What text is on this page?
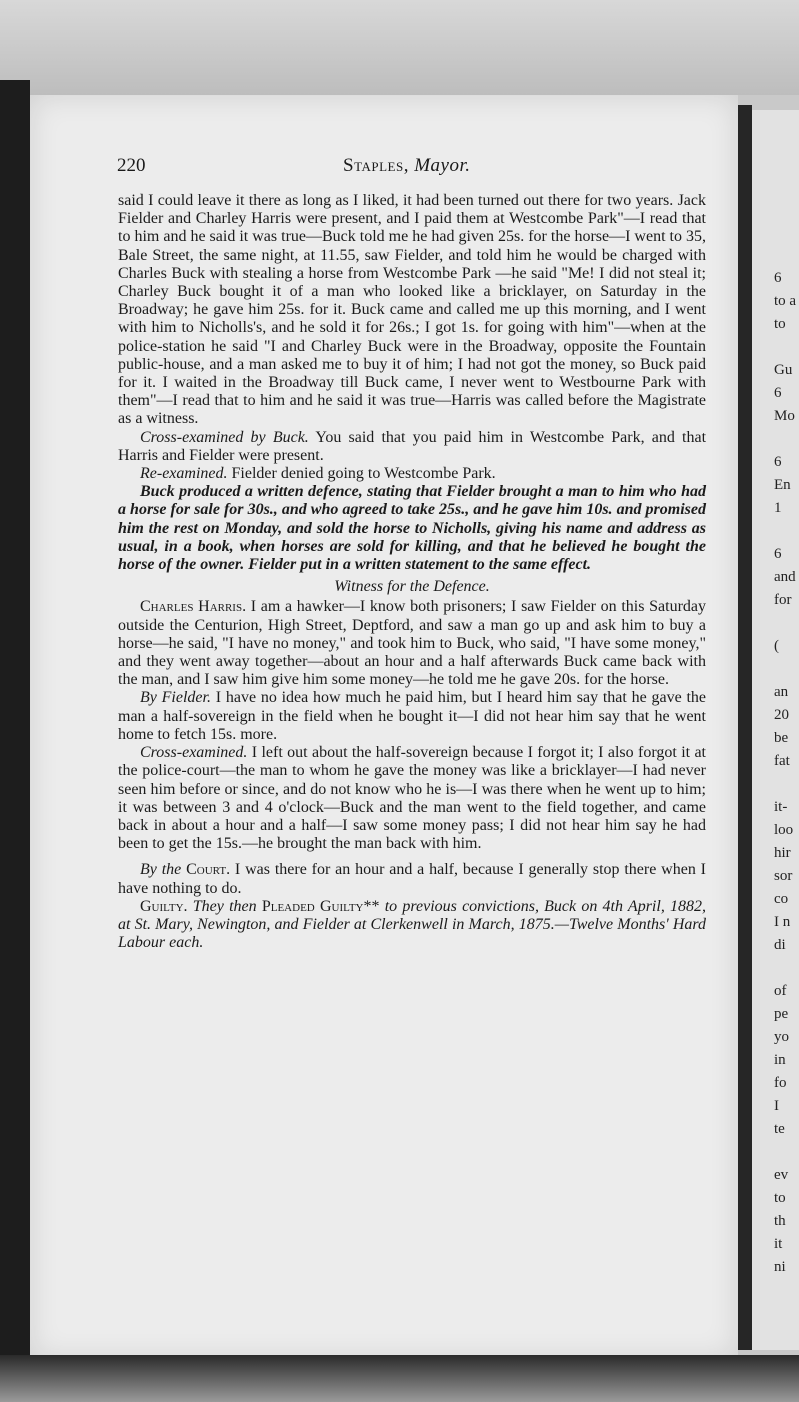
220	Staples, Mayor.

said I could leave it there as long as I liked, it had been turned out there for two years. Jack Fielder and Charley Harris were present, and I paid them at Westcombe Park"—I read that to him and he said it was true—Buck told me he had given 25s. for the horse—I went to 35, Bale Street, the same night, at 11.55, saw Fielder, and told him he would be charged with Charles Buck with stealing a horse from Westcombe Park —he said "Me! I did not steal it; Charley Buck bought it of a man who looked like a bricklayer, on Saturday in the Broadway; he gave him 25s. for it. Buck came and called me up this morning, and I went with him to Nicholls's, and he sold it for 26s.; I got 1s. for going with him"—when at the police-station he said "I and Charley Buck were in the Broadway, opposite the Fountain public-house, and a man asked me to buy it of him; I had not got the money, so Buck paid for it. I waited in the Broadway till Buck came, I never went to Westbourne Park with them"—I read that to him and he said it was true—Harris was called before the Magistrate as a witness.

Cross-examined by Buck. You said that you paid him in Westcombe Park, and that Harris and Fielder were present.

Re-examined. Fielder denied going to Westcombe Park.

Buck produced a written defence, stating that Fielder brought a man to him who had a horse for sale for 30s., and who agreed to take 25s., and he gave him 10s. and promised him the rest on Monday, and sold the horse to Nicholls, giving his name and address as usual, in a book, when horses are sold for killing, and that he believed he bought the horse of the owner. Fielder put in a written statement to the same effect.

Witness for the Defence.

Charles Harris. I am a hawker—I know both prisoners; I saw Fielder on this Saturday outside the Centurion, High Street, Deptford, and saw a man go up and ask him to buy a horse—he said, "I have no money," and took him to Buck, who said, "I have some money," and they went away together—about an hour and a half afterwards Buck came back with the man, and I saw him give him some money—he told me he gave 20s. for the horse.

By Fielder. I have no idea how much he paid him, but I heard him say that he gave the man a half-sovereign in the field when he bought it—I did not hear him say that he went home to fetch 15s. more.

Cross-examined. I left out about the half-sovereign because I forgot it; I also forgot it at the police-court—the man to whom he gave the money was like a bricklayer—I had never seen him before or since, and do not know who he is—I was there when he went up to him; it was between 3 and 4 o'clock—Buck and the man went to the field together, and came back in about a hour and a half—I saw some money pass; I did not hear him say he had been to get the 15s.—he brought the man back with him.

By the Court. I was there for an hour and a half, because I generally stop there when I have nothing to do.

Guilty. They then Pleaded Guilty** to previous convictions, Buck on 4th April, 1882, at St. Mary, Newington, and Fielder at Clerkenwell in March, 1875.—Twelve Months' Hard Labour each.

6
to a
to
Gu
6
Mo
6
En
1
6
and
for
(
an
20
be
fat
it-
loo
hir
sor
co
I n
di
of
pe
yo
in
fo
I
te
ev
to
th
it
ni
